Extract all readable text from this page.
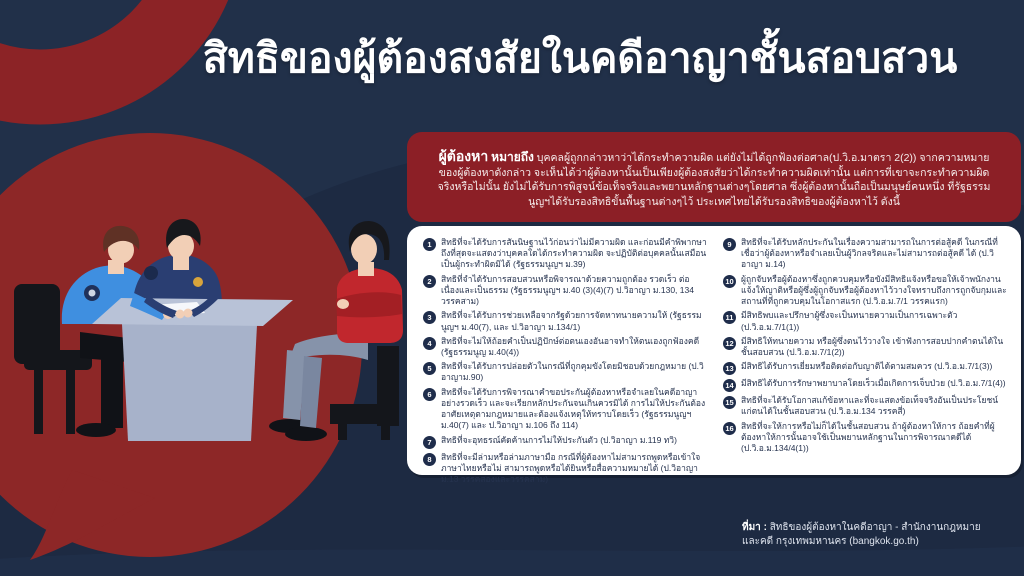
สิทธิของผู้ต้องสงสัยในคดีอาญาชั้นสอบสวน

ผู้ต้องหา หมายถึง บุคคลผู้ถูกกล่าวหาว่าได้กระทำความผิด แต่ยังไม่ได้ถูกฟ้องต่อศาล(ป.วิ.อ.มาตรา 2(2)) จากความหมายของผู้ต้องหาดังกล่าว จะเห็นได้ว่าผู้ต้องหานั้นเป็นเพียงผู้ต้องสงสัยว่าได้กระทำความผิดเท่านั้น แต่การที่เขาจะกระทำความผิดจริงหรือไม่นั้น ยังไม่ได้รับการพิสูจน์ข้อเท็จจริงและพยานหลักฐานต่างๆโดยศาล ซึ่งผู้ต้องหานั้นถือเป็นมนุษย์คนหนึ่ง ที่รัฐธรรมนูญฯได้รับรองสิทธิขั้นพื้นฐานต่างๆไว้ ประเทศไทยได้รับรองสิทธิของผู้ต้องหาไว้ ดังนี้

1 สิทธิที่จะได้รับการสันนิษฐานไว้ก่อนว่าไม่มีความผิด และก่อนมีคำพิพากษาถึงที่สุดจะแสดงว่าบุคคลใดได้กระทำความผิด จะปฏิบัติต่อบุคคลนั้นเสมือนเป็นผู้กระทำผิดมิได้ (รัฐธรรมนูญฯ ม.39)
2 สิทธิที่จำได้รับการสอบสวนหรือพิจารณาด้วยความถูกต้อง รวดเร็ว ต่อเนื่องและเป็นธรรม (รัฐธรรมนูญฯ ม.40 (3)(4)(7) ป.วิอาญา ม.130, 134 วรรคสาม)
3 สิทธิที่จะได้รับการช่วยเหลือจากรัฐด้วยการจัดหาทนายความให้ (รัฐธรรมนูญฯ ม.40(7), และ ป.วิอาญา ม.134/1)
4 สิทธิที่จะไม่ให้ถ้อยคำเป็นปฏิปักษ์ต่อตนเองอันอาจทำให้ตนเองถูกฟ้องคดี (รัฐธรรมนูญ ม.40(4))
5 สิทธิที่จะได้รับการปล่อยตัวในกรณีที่ถูกคุมขังโดยมิชอบด้วยกฎหมาย (ป.วิอาญาม.90)
6 สิทธิที่จะได้รับการพิจารณาคำขอประกันผู้ต้องหาหรือจำเลยในคดีอาญาอย่างรวดเร็ว และจะเรียกหลักประกันจนเกินควรมิได้ การไม่ให้ประกันต้องอาศัยเหตุตามกฎหมายและต้องแจ้งเหตุให้ทราบโดยเร็ว (รัฐธรรมนูญฯ ม.40(7) และ ป.วิอาญา ม.106 ถึง 114)
7 สิทธิที่จะอุทธรณ์คัดค้านการไม่ให้ประกันตัว (ป.วิอาญา ม.119 ทวิ)
8 สิทธิที่จะมีล่ามหรือล่ามภาษามือ กรณีที่ผู้ต้องหาไม่สามารถพูดหรือเข้าใจภาษาไทยหรือไม่ สามารถพูดหรือได้ยินหรือสื่อความหมายได้ (ป.วิอาญา ม.13 วรรคสองและวรรคสาม)
9 สิทธิที่จะได้รับหลักประกันในเรื่องความสามารถในการต่อสู้คดี ในกรณีที่เชื่อว่าผู้ต้องหาหรือจำเลยเป็นผู้วิกลจริตและไม่สามารถต่อสู้คดี ได้ (ป.วิอาญา ม.14)
10 ผู้ถูกจับหรือผู้ต้องหาซึ่งถูกควบคุมหรือขังมีสิทธิแจ้งหรือขอให้เจ้าพนักงานแจ้งให้ญาติหรือผู้ซึ่งผู้ถูกจับหรือผู้ต้องหาไว้วางใจทราบถึงการถูกจับกุมและสถานที่ที่ถูกควบคุมในโอกาสแรก (ป.วิ.อ.ม.7/1 วรรคแรก)
11 มีสิทธิพบและปรึกษาผู้ซึ่งจะเป็นทนายความเป็นการเฉพาะตัว (ป.วิ.อ.ม.7/1(1))
12 มีสิทธิให้ทนายความ หรือผู้ซึ่งตนไว้วางใจ เข้าฟังการสอบปากคำตนได้ในชั้นสอบสวน (ป.วิ.อ.ม.7/1(2))
13 มีสิทธิได้รับการเยี่ยมหรือติดต่อกับญาติได้ตามสมควร (ป.วิ.อ.ม.7/1(3))
14 มีสิทธิได้รับการรักษาพยาบาลโดยเร็วเมื่อเกิดการเจ็บป่วย (ป.วิ.อ.ม.7/1(4))
15 สิทธิที่จะได้รับโอกาสแก้ข้อหาและที่จะแสดงข้อเท็จจริงอันเป็นประโยชน์แก่ตนได้ในชั้นสอบสวน (ป.วิ.อ.ม.134 วรรคสี่)
16 สิทธิที่จะให้การหรือไม่ก็ได้ในชั้นสอบสวน ถ้าผู้ต้องหาให้การ ถ้อยคำที่ผู้ต้องหาให้การนั้นอาจใช้เป็นพยานหลักฐานในการพิจารณาคดีได้ (ป.วิ.อ.ม.134/4(1))
ที่มา : สิทธิของผู้ต้องหาในคดีอาญา - สำนักงานกฎหมายและคดี กรุงเทพมหานคร (bangkok.go.th)
